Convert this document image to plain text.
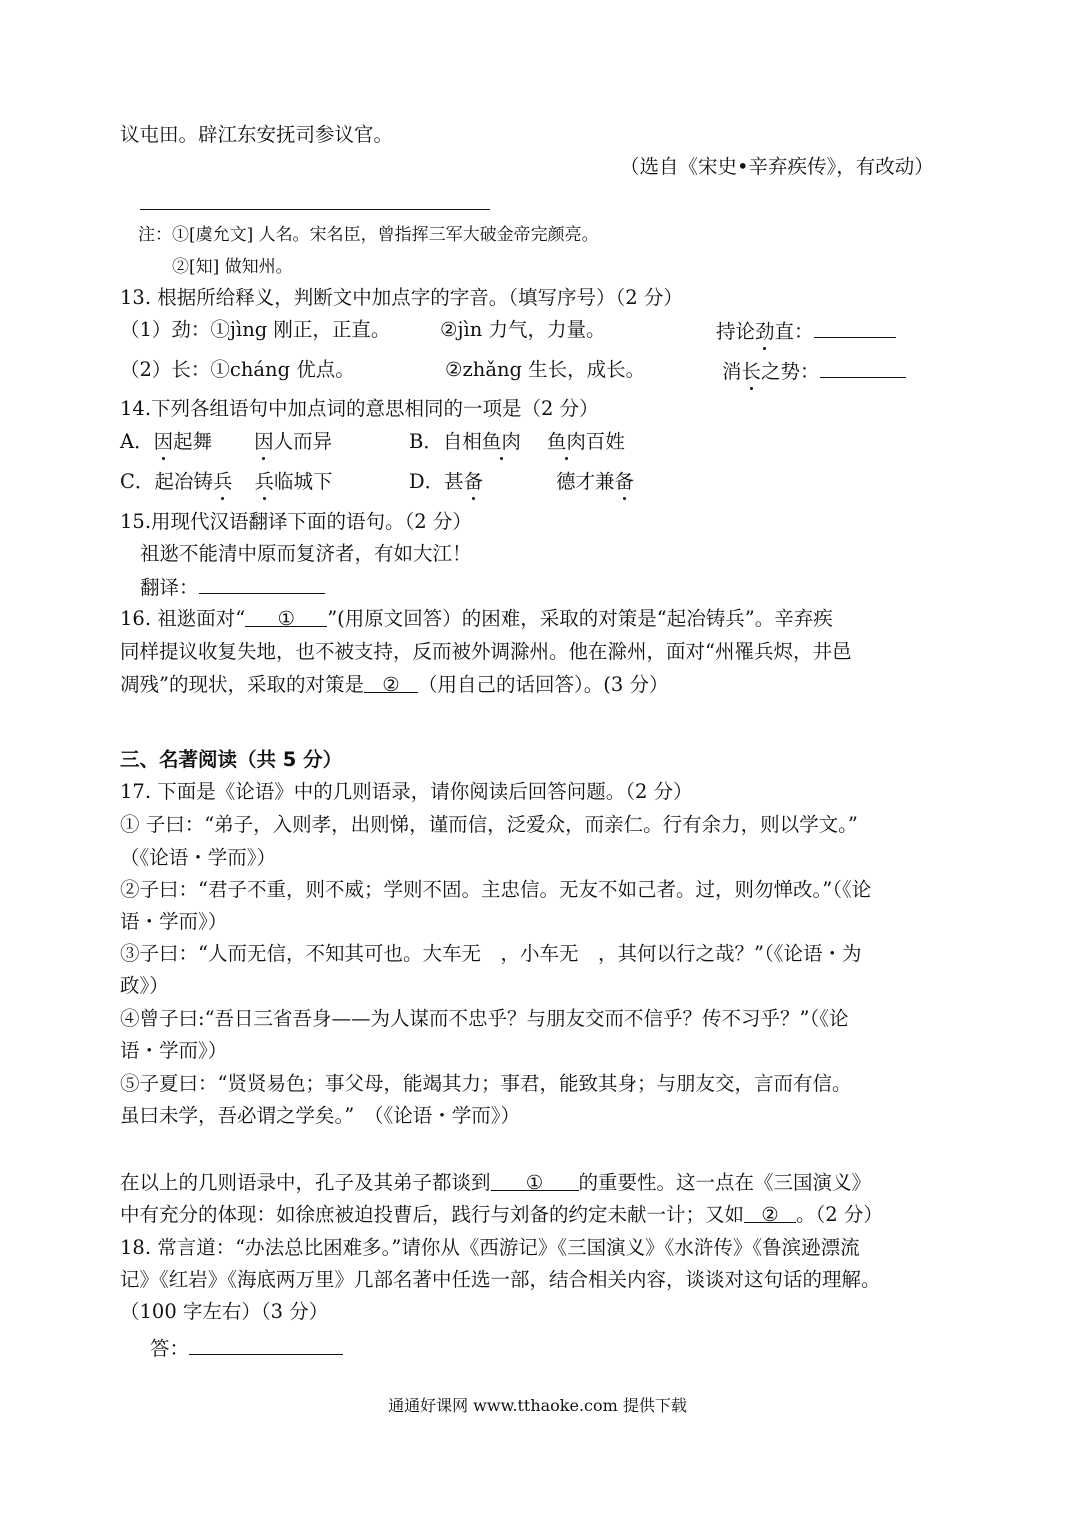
议屯田。辟江东安抚司参议官。
（选自《宋史•辛弃疾传》，有改动）
注：①[虞允文] 人名。宋名臣，曾指挥三军大破金帝完颜亮。
②[知] 做知州。
13. 根据所给释义，判断文中加点字的字音。（填写序号）（2 分）
（1）劲：①jìng 刚正，正直。	②jìn 力气，力量。	持论劲直：
（2）长：①cháng 优点。	②zhǎng 生长，成长。	消长之势：
14.下列各组语句中加点词的意思相同的一项是（2 分）
A．因起舞 因人而异	B．自相鱼肉 鱼肉百姓
C．起冶铸兵 兵临城下	D．甚备	德才兼备
15.用现代汉语翻译下面的语句。（2 分）
祖逖不能清中原而复济者，有如大江！
翻译：
16. 祖逖面对“ ① ”(用原文回答）的困难，采取的对策是“起冶铸兵”。辛弃疾
同样提议收复失地，也不被支持，反而被外调滁州。他在滁州，面对“州罹兵烬，井邑
凋残”的现状，采取的对策是 ② （用自己的话回答）。(3 分）
三、名著阅读（共 5 分）
17. 下面是《论语》中的几则语录，请你阅读后回答问题。（2 分）
① 子曰：“弟子，入则孝，出则悌，谨而信，泛爱众，而亲仁。行有余力，则以学文。”
（《论语・学而》）
②子曰：“君子不重，则不威；学则不固。主忠信。无友不如己者。过，则勿惮改。”（《论
语・学而》）
③子曰：“人而无信，不知其可也。大车无　，小车无　，其何以行之哉？”（《论语・为
政》）
④曾子曰:“吾日三省吾身——为人谋而不忠乎？与朋友交而不信乎？传不习乎？”（《论
语・学而》）
⑤子夏曰：“贤贤易色；事父母，能竭其力；事君，能致其身；与朋友交，言而有信。
虽曰未学，吾必谓之学矣。”　（《论语・学而》）
在以上的几则语录中，孔子及其弟子都谈到 ① 的重要性。这一点在《三国演义》
中有充分的体现：如徐庶被迫投曹后，践行与刘备的约定未献一计；又如 ② 。（2 分）
18. 常言道：“办法总比困难多。”请你从《西游记》《三国演义》《水浒传》《鲁滨逊漂流
记》《红岩》《海底两万里》几部名著中任选一部，结合相关内容，谈谈对这句话的理解。
（100 字左右）（3 分）
答：
通通好课网 www.tthaoke.com 提供下载
